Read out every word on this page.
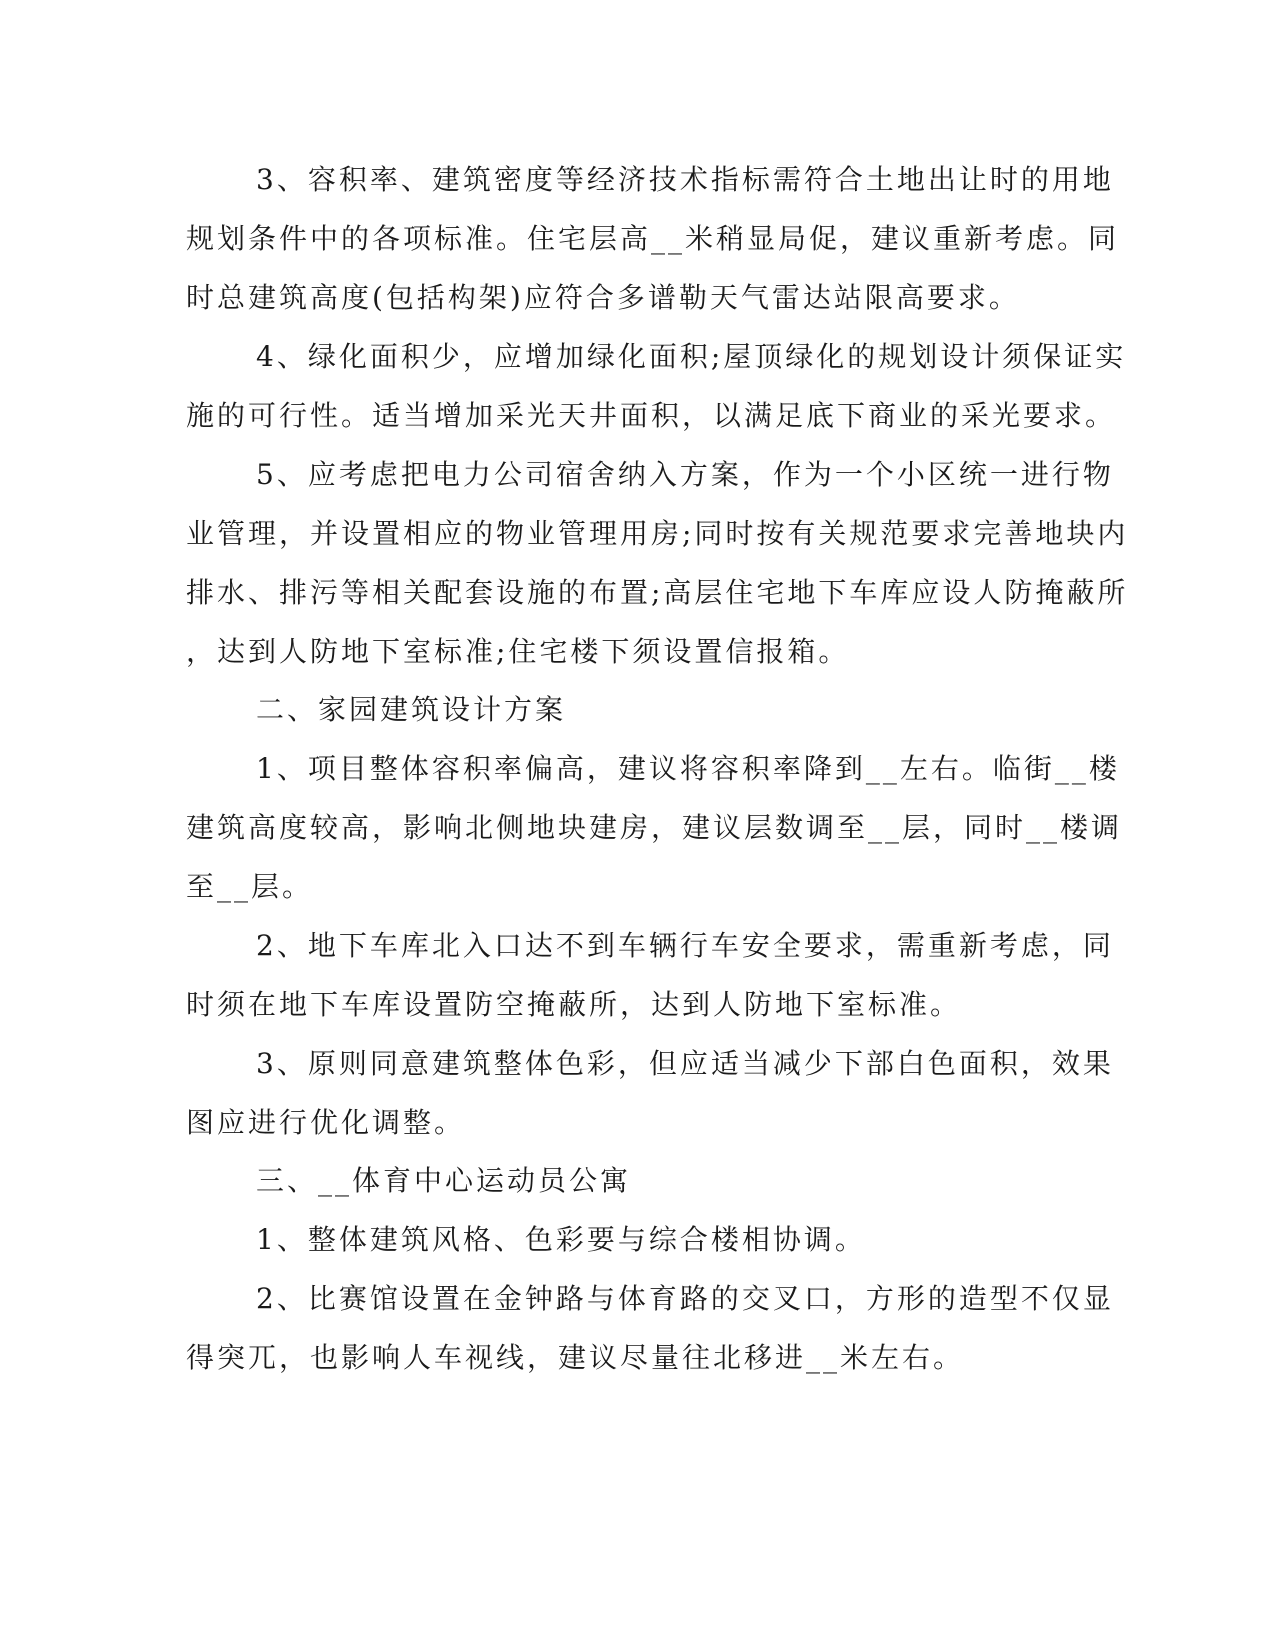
3、容积率、建筑密度等经济技术指标需符合土地出让时的用地
规划条件中的各项标准。住宅层高__米稍显局促，建议重新考虑。同
时总建筑高度(包括构架)应符合多谱勒天气雷达站限高要求。
4、绿化面积少，应增加绿化面积;屋顶绿化的规划设计须保证实
施的可行性。适当增加采光天井面积，以满足底下商业的采光要求。
5、应考虑把电力公司宿舍纳入方案，作为一个小区统一进行物
业管理，并设置相应的物业管理用房;同时按有关规范要求完善地块内
排水、排污等相关配套设施的布置;高层住宅地下车库应设人防掩蔽所
，达到人防地下室标准;住宅楼下须设置信报箱。
二、家园建筑设计方案
1、项目整体容积率偏高，建议将容积率降到__左右。临街__楼
建筑高度较高，影响北侧地块建房，建议层数调至__层，同时__楼调
至__层。
2、地下车库北入口达不到车辆行车安全要求，需重新考虑，同
时须在地下车库设置防空掩蔽所，达到人防地下室标准。
3、原则同意建筑整体色彩，但应适当减少下部白色面积，效果
图应进行优化调整。
三、__体育中心运动员公寓
1、整体建筑风格、色彩要与综合楼相协调。
2、比赛馆设置在金钟路与体育路的交叉口，方形的造型不仅显
得突兀，也影响人车视线，建议尽量往北移进__米左右。
